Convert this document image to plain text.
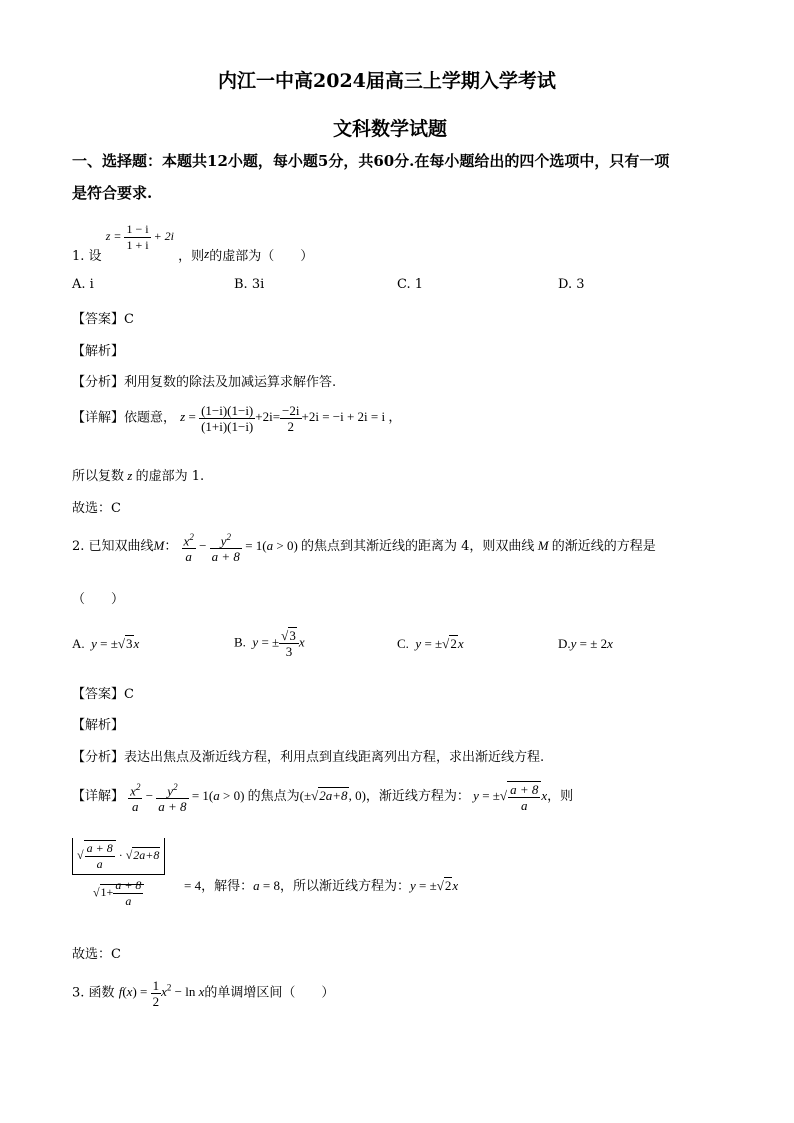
内江一中高2024届高三上学期入学考试
文科数学试题
一、选择题：本题共12小题，每小题5分，共60分.在每小题给出的四个选项中，只有一项
是符合要求.
1. 设 $z = \frac{1 - i}{1 + i} + 2i$ ，则z的虚部为（　　）
A. i	B. 3i	C. 1	D. 3
【答案】C
【解析】
【分析】利用复数的除法及加减运算求解作答.
【详解】依题意， $z = \frac{(1-i)(1-i)}{(1+i)(1-i)} +2i= \frac{-2i}{2} +2i = -i + 2i = i$ ，
所以复数 z 的虚部为 1.
故选：C
2. 已知双曲线M： $\frac{x^2}{a} - \frac{y^2}{a + 8} = 1(a > 0)$ 的焦点到其渐近线的距离为 4，则双曲线 M 的渐近线的方程是
（　　）
A.  y = ±√3x	B.  y = ± $\frac{√3}{3}$ x	C.  y = ±√2x	D.y = ± 2x
【答案】C
【解析】
【分析】表达出焦点及渐近线方程，利用点到直线距离列出方程，求出渐近线方程.
【详解】 $\frac{x^2}{a} - \frac{y^2}{a + 8} = 1(a > 0)$ 的焦点为(±√2a+8, 0)，渐近线方程为： y = ±√ $\frac{a + 8}{a}$ x，则
$\frac{√ \frac{a + 8}{a} \cdot √2a+8}{√1+ \frac{a + 8}{a}} = 4$，解得：a = 8，所以渐近线方程为：y = ±√2x
故选：C
3. 函数 $f(x) = \frac{1}{2} x^2 - \ln x$的单调增区间（　　）
